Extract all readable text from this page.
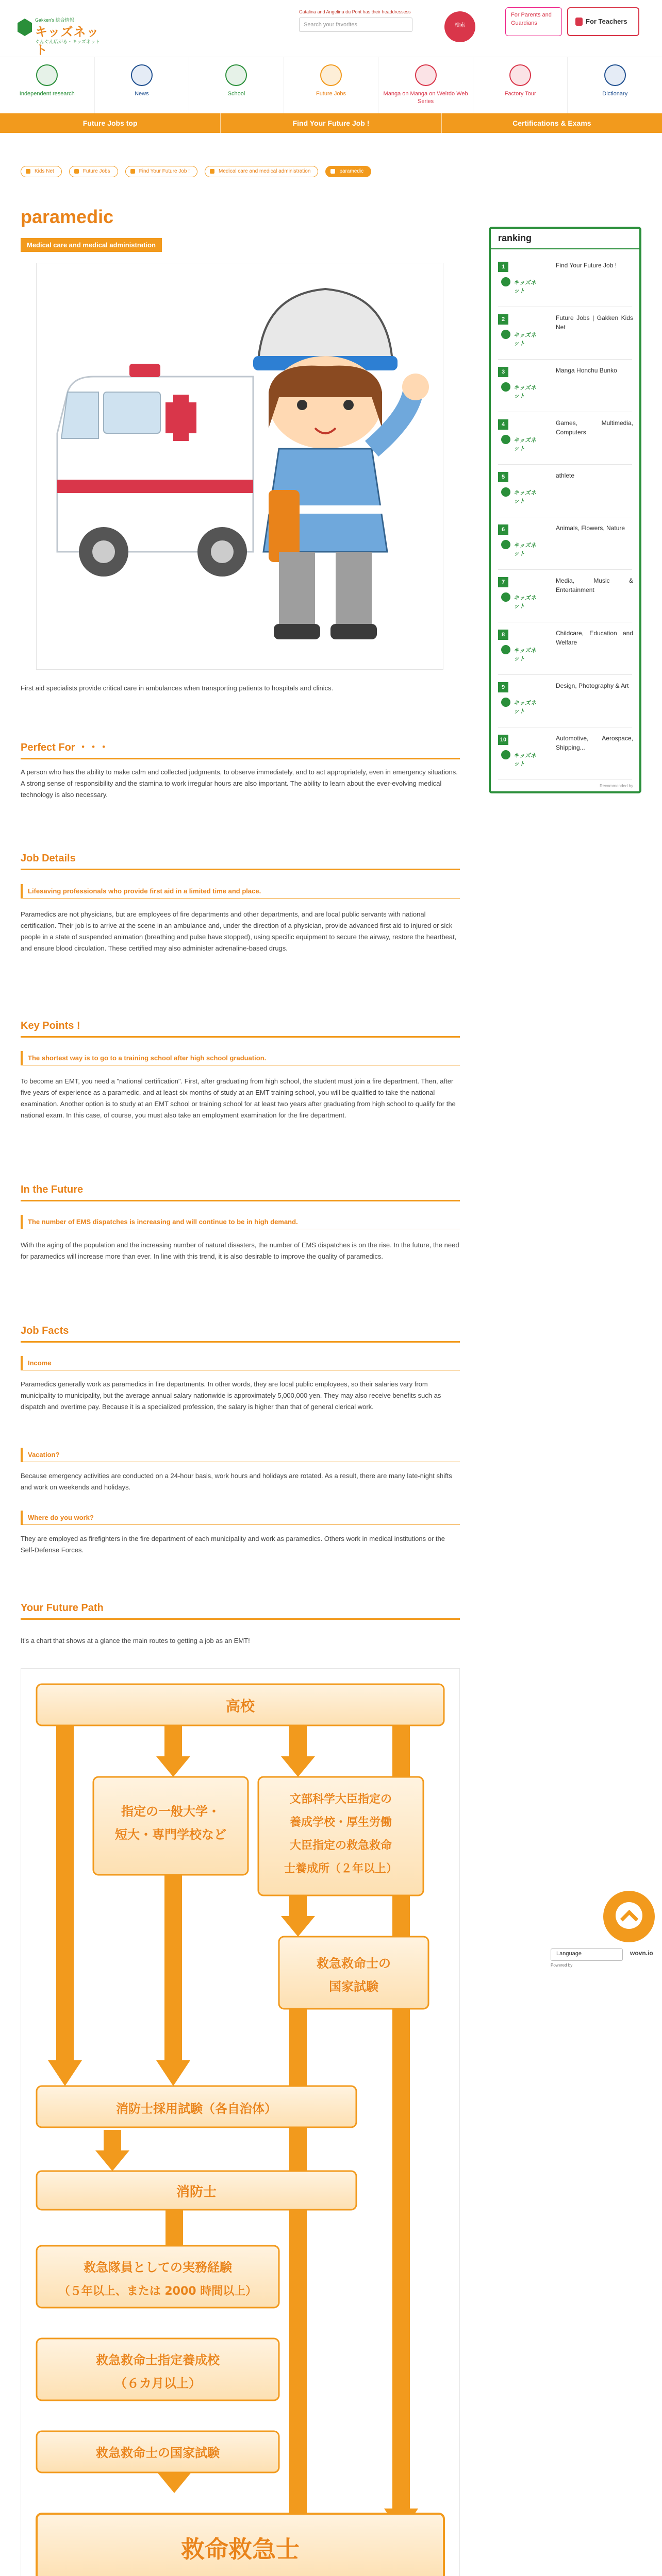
Gakken's 総合情報
キッズネット
ぐんぐん広がる・キッズネット
Catalina and Angelina du Pont has their headdressess
Search your favorites	検索
For Parents and Guardians	For Teachers
Independent research	News	School	Future Jobs	Manga on Manga on Weirdo Web Series
Factory Tour	Dictionary
Future Jobs top	Find Your Future Job !	Certifications & Exams
Kids Net	Future Jobs	Find Your Future Job !	Medical care and medical administration	paramedic
paramedic
Medical care and medical administration
First aid specialists provide critical care in ambulances when transporting patients to hospitals and clinics.
Perfect For ・・・
A person who has the ability to make calm and collected judgments, to observe immediately, and to act appropriately, even in emergency situations. A strong sense of responsibility and the stamina to work irregular hours are also important. The ability to learn about the ever-evolving medical technology is also necessary.
Job Details
Lifesaving professionals who provide first aid in a limited time and place.
Paramedics are not physicians, but are employees of fire departments and other departments, and are local public servants with national certification. Their job is to arrive at the scene in an ambulance and, under the direction of a physician, provide advanced first aid to injured or sick people in a state of suspended animation (breathing and pulse have stopped), using specific equipment to secure the airway, restore the heartbeat, and ensure blood circulation. These certified may also administer adrenaline-based drugs.
Key Points !
The shortest way is to go to a training school after high school graduation.
To become an EMT, you need a "national certification". First, after graduating from high school, the student must join a fire department. Then, after five years of experience as a paramedic, and at least six months of study at an EMT training school, you will be qualified to take the national examination. Another option is to study at an EMT school or training school for at least two years after graduating from high school to qualify for the national exam. In this case, of course, you must also take an employment examination for the fire department.
In the Future
The number of EMS dispatches is increasing and will continue to be in high demand.
With the aging of the population and the increasing number of natural disasters, the number of EMS dispatches is on the rise. In the future, the need for paramedics will increase more than ever. In line with this trend, it is also desirable to improve the quality of paramedics.
Job Facts
Income
Paramedics generally work as paramedics in fire departments. In other words, they are local public employees, so their salaries vary from municipality to municipality, but the average annual salary nationwide is approximately 5,000,000 yen. They may also receive benefits such as dispatch and overtime pay. Because it is a specialized profession, the salary is higher than that of general clerical work.
Vacation?
Because emergency activities are conducted on a 24-hour basis, work hours and holidays are rotated. As a result, there are many late-night shifts and work on weekends and holidays.
Where do you work?
They are employed as firefighters in the fire department of each municipality and work as paramedics. Others work in medical institutions or the Self-Defense Forces.
Your Future Path
It's a chart that shows at a glance the main routes to getting a job as an EMT!
高校
指定の一般大学・
短大・専門学校など
文部科学大臣指定の
養成学校・厚生労働
大臣指定の救急救命
士養成所（２年以上）
救急救命士の
国家試験
消防士採用試験（各自治体）
消防士
救急隊員としての実務経験
（５年以上、または 2000 時間以上）
救急救命士指定養成校
（６カ月以上）
救急救命士の国家試験
救命救急士
ranking
1
キッズネット
Find Your Future Job !
2
キッズネット
Future Jobs | Gakken Kids Net
3
キッズネット
Manga Honchu Bunko
4
キッズネット
Games, Multimedia, Computers
5
キッズネット
athlete
6
キッズネット
Animals, Flowers, Nature
7
キッズネット
Media, Music & Entertainment
8
キッズネット
Childcare, Education and Welfare
9
キッズネット
Design, Photography & Art
10
キッズネット
Automotive, Aerospace, Shipping...
Recommended by
Language
Powered by
wovn.io
